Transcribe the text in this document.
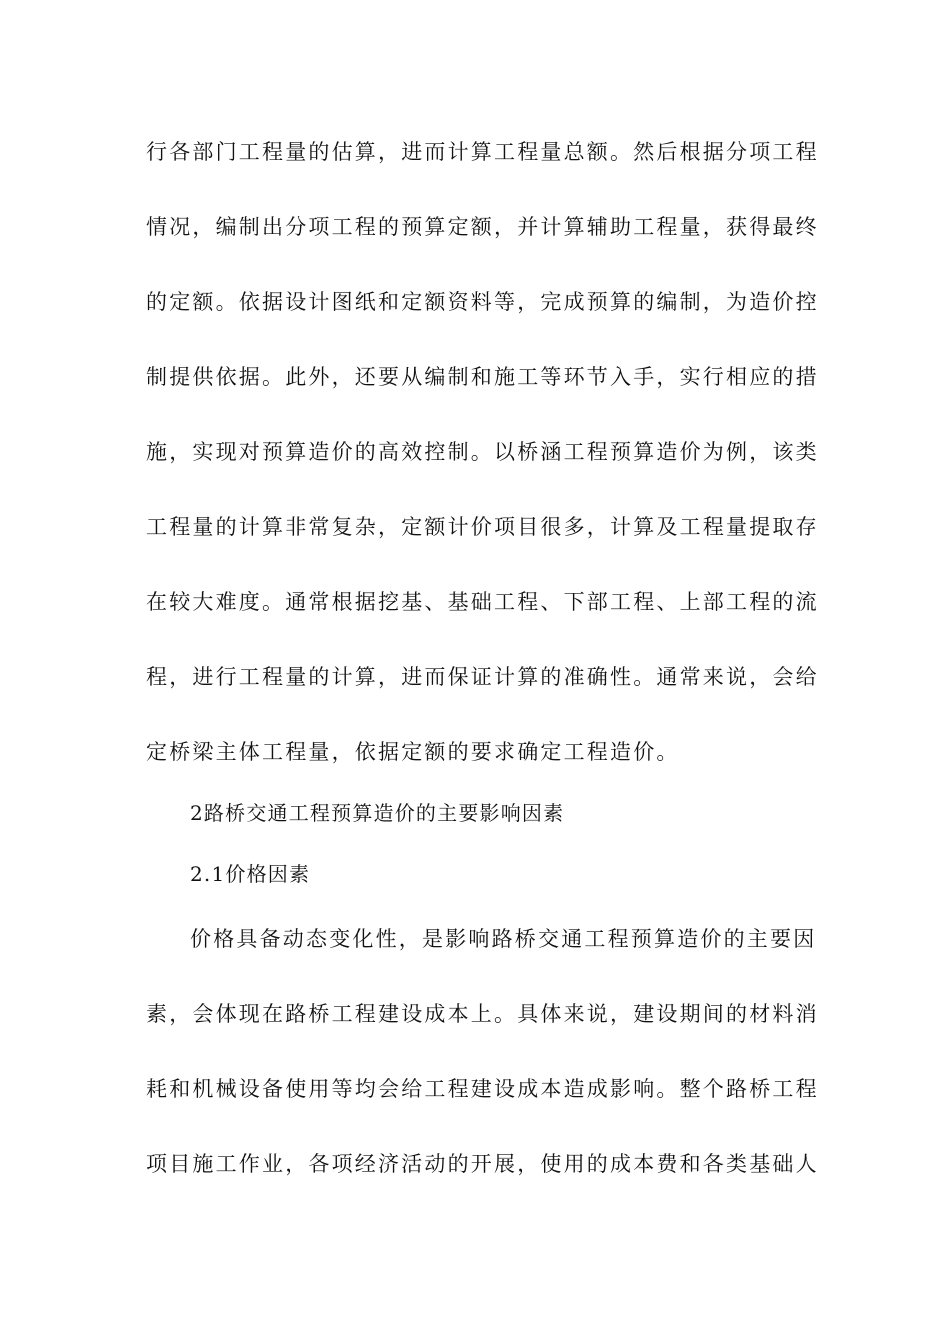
行各部门工程量的估算，进而计算工程量总额。然后根据分项工程
情况，编制出分项工程的预算定额，并计算辅助工程量，获得最终
的定额。依据设计图纸和定额资料等，完成预算的编制，为造价控
制提供依据。此外，还要从编制和施工等环节入手，实行相应的措
施，实现对预算造价的高效控制。以桥涵工程预算造价为例，该类
工程量的计算非常复杂，定额计价项目很多，计算及工程量提取存
在较大难度。通常根据挖基、基础工程、下部工程、上部工程的流
程，进行工程量的计算，进而保证计算的准确性。通常来说，会给
定桥梁主体工程量，依据定额的要求确定工程造价。
2路桥交通工程预算造价的主要影响因素
2.1价格因素
价格具备动态变化性，是影响路桥交通工程预算造价的主要因
素，会体现在路桥工程建设成本上。具体来说，建设期间的材料消
耗和机械设备使用等均会给工程建设成本造成影响。整个路桥工程
项目施工作业，各项经济活动的开展，使用的成本费和各类基础人
